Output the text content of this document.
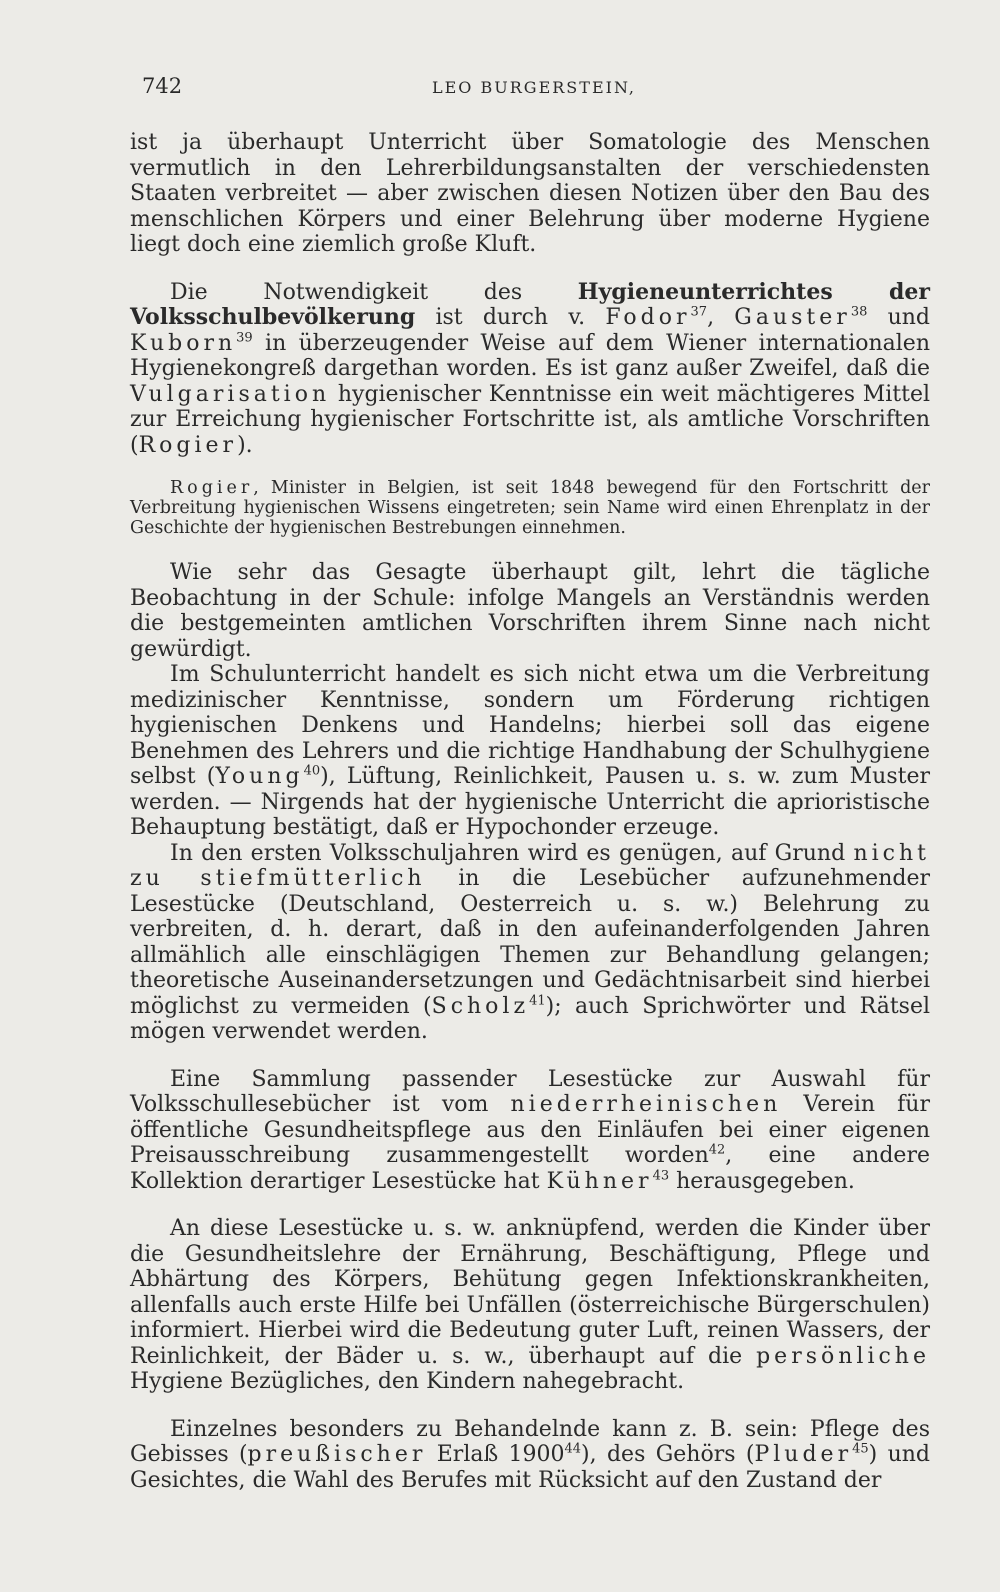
742	LEO BURGERSTEIN,

ist ja überhaupt Unterricht über Somatologie des Menschen vermutlich in den Lehrerbildungsanstalten der verschiedensten Staaten verbreitet — aber zwischen diesen Notizen über den Bau des menschlichen Körpers und einer Belehrung über moderne Hygiene liegt doch eine ziemlich große Kluft.

Die Notwendigkeit des Hygieneunterrichtes der Volksschulbevölkerung ist durch v. Fodor$^{37}$, Gauster$^{38}$ und Kuborn$^{39}$ in überzeugender Weise auf dem Wiener internationalen Hygienekongreß dargethan worden. Es ist ganz außer Zweifel, daß die Vulgarisation hygienischer Kenntnisse ein weit mächtigeres Mittel zur Erreichung hygienischer Fortschritte ist, als amtliche Vorschriften (Rogier).

Rogier, Minister in Belgien, ist seit 1848 bewegend für den Fortschritt der Verbreitung hygienischen Wissens eingetreten; sein Name wird einen Ehrenplatz in der Geschichte der hygienischen Bestrebungen einnehmen.

Wie sehr das Gesagte überhaupt gilt, lehrt die tägliche Beobachtung in der Schule: infolge Mangels an Verständnis werden die bestgemeinten amtlichen Vorschriften ihrem Sinne nach nicht gewürdigt.

Im Schulunterricht handelt es sich nicht etwa um die Verbreitung medizinischer Kenntnisse, sondern um Förderung richtigen hygienischen Denkens und Handelns; hierbei soll das eigene Benehmen des Lehrers und die richtige Handhabung der Schulhygiene selbst (Young$^{40}$), Lüftung, Reinlichkeit, Pausen u. s. w. zum Muster werden. — Nirgends hat der hygienische Unterricht die aprioristische Behauptung bestätigt, daß er Hypochonder erzeuge.

In den ersten Volksschuljahren wird es genügen, auf Grund nicht zu stiefmütterlich in die Lesebücher aufzunehmender Lesestücke (Deutschland, Oesterreich u. s. w.) Belehrung zu verbreiten, d. h. derart, daß in den aufeinanderfolgenden Jahren allmählich alle einschlägigen Themen zur Behandlung gelangen; theoretische Auseinandersetzungen und Gedächtnisarbeit sind hierbei möglichst zu vermeiden (Scholz$^{41}$); auch Sprichwörter und Rätsel mögen verwendet werden.

Eine Sammlung passender Lesestücke zur Auswahl für Volksschullesebücher ist vom niederrheinischen Verein für öffentliche Gesundheitspflege aus den Einläufen bei einer eigenen Preisausschreibung zusammengestellt worden$^{42}$, eine andere Kollektion derartiger Lesestücke hat Kühner$^{43}$ herausgegeben.

An diese Lesestücke u. s. w. anknüpfend, werden die Kinder über die Gesundheitslehre der Ernährung, Beschäftigung, Pflege und Abhärtung des Körpers, Behütung gegen Infektionskrankheiten, allenfalls auch erste Hilfe bei Unfällen (österreichische Bürgerschulen) informiert. Hierbei wird die Bedeutung guter Luft, reinen Wassers, der Reinlichkeit, der Bäder u. s. w., überhaupt auf die persönliche Hygiene Bezügliches, den Kindern nahegebracht.

Einzelnes besonders zu Behandelnde kann z. B. sein: Pflege des Gebisses (preußischer Erlaß 1900$^{44}$), des Gehörs (Pluder$^{45}$) und Gesichtes, die Wahl des Berufes mit Rücksicht auf den Zustand der
